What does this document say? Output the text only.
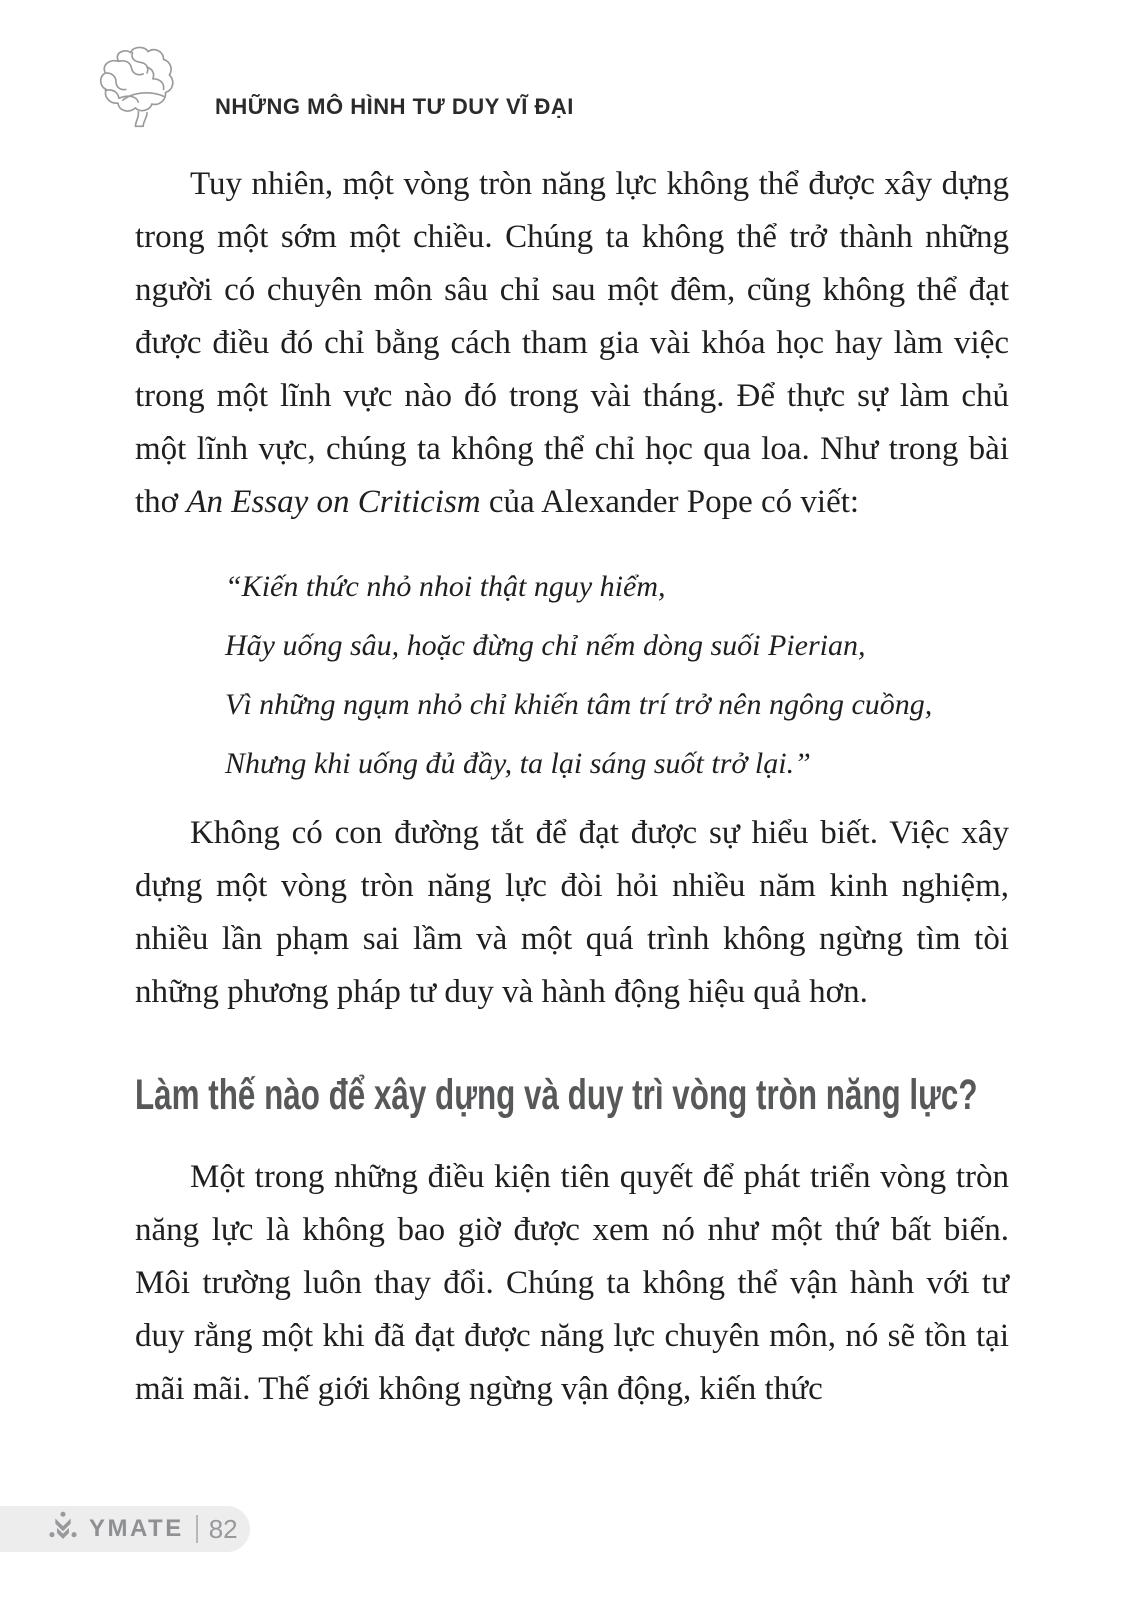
NHỮNG MÔ HÌNH TƯ DUY VĨ ĐẠI

Tuy nhiên, một vòng tròn năng lực không thể được xây dựng trong một sớm một chiều. Chúng ta không thể trở thành những người có chuyên môn sâu chỉ sau một đêm, cũng không thể đạt được điều đó chỉ bằng cách tham gia vài khóa học hay làm việc trong một lĩnh vực nào đó trong vài tháng. Để thực sự làm chủ một lĩnh vực, chúng ta không thể chỉ học qua loa. Như trong bài thơ An Essay on Criticism của Alexander Pope có viết:

“Kiến thức nhỏ nhoi thật nguy hiểm,
Hãy uống sâu, hoặc đừng chỉ nếm dòng suối Pierian,
Vì những ngụm nhỏ chỉ khiến tâm trí trở nên ngông cuồng,
Nhưng khi uống đủ đầy, ta lại sáng suốt trở lại.”

Không có con đường tắt để đạt được sự hiểu biết. Việc xây dựng một vòng tròn năng lực đòi hỏi nhiều năm kinh nghiệm, nhiều lần phạm sai lầm và một quá trình không ngừng tìm tòi những phương pháp tư duy và hành động hiệu quả hơn.

Làm thế nào để xây dựng và duy trì vòng tròn năng lực?

Một trong những điều kiện tiên quyết để phát triển vòng tròn năng lực là không bao giờ được xem nó như một thứ bất biến. Môi trường luôn thay đổi. Chúng ta không thể vận hành với tư duy rằng một khi đã đạt được năng lực chuyên môn, nó sẽ tồn tại mãi mãi. Thế giới không ngừng vận động, kiến thức

YMATE 82
